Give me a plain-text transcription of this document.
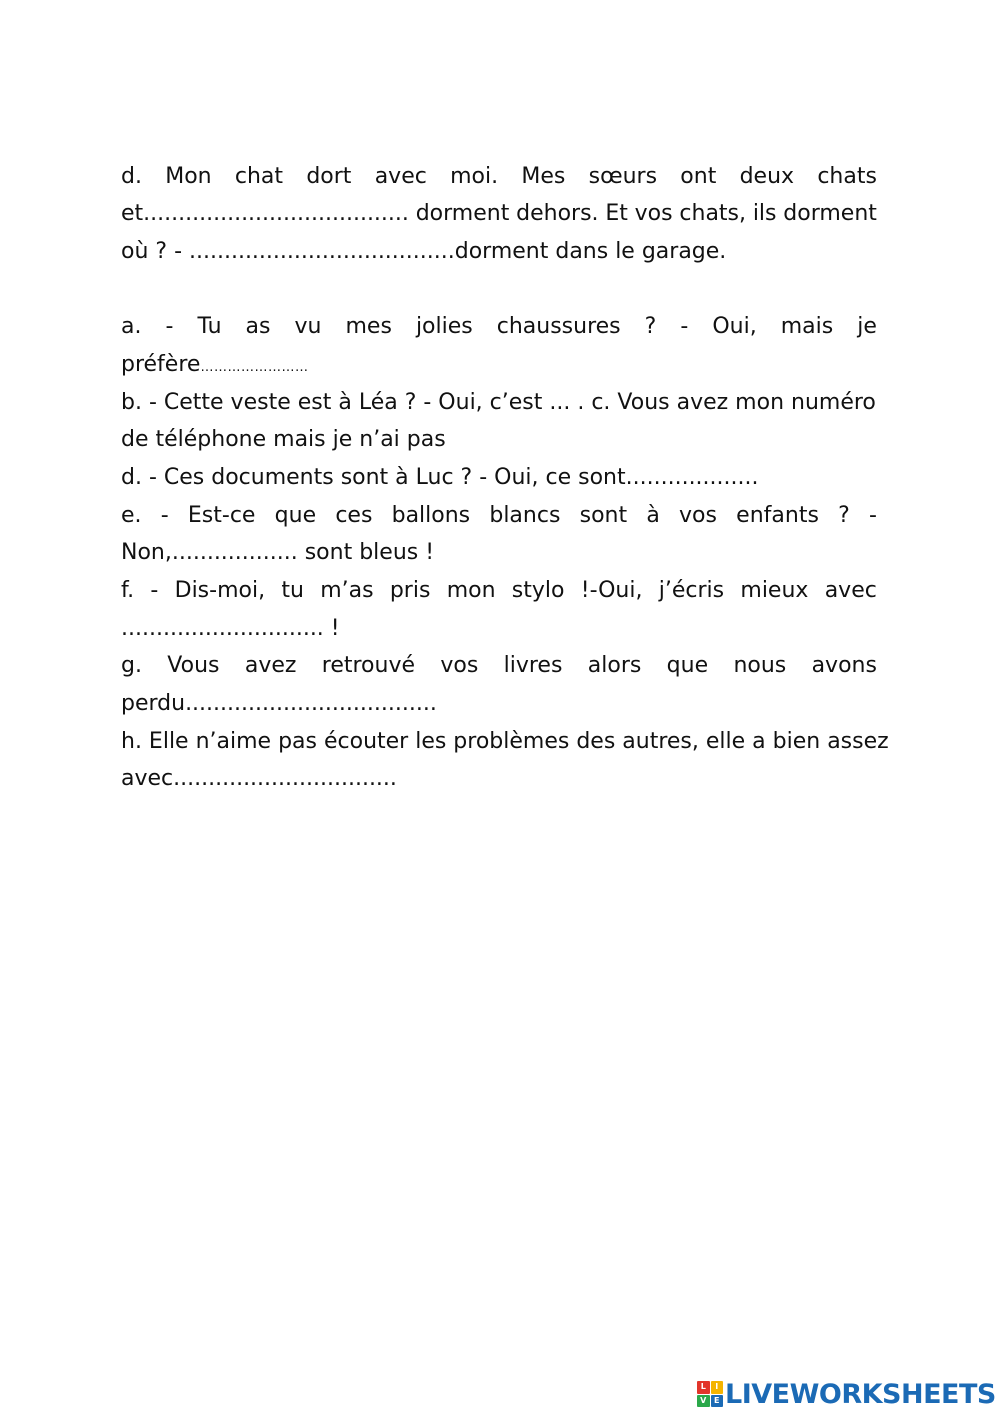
d. Mon chat dort avec moi. Mes sœurs ont deux chats
et...................................... dorment dehors. Et vos chats, ils dorment
où ? - ......................................dorment dans le garage.
a. - Tu as vu mes jolies chaussures ? - Oui, mais je
préfère……………………
b. - Cette veste est à Léa ? - Oui, c’est ... . c. Vous avez mon numéro
de téléphone mais je n’ai pas
d. - Ces documents sont à Luc ? - Oui, ce sont...................
e. - Est-ce que ces ballons blancs sont à vos enfants ? -
Non,.................. sont bleus !
f. - Dis-moi, tu m’as pris mon stylo !-Oui, j’écris mieux avec
............................. !
g. Vous avez retrouvé vos livres alors que nous avons
perdu....................................
h. Elle n’aime pas écouter les problèmes des autres, elle a bien assez
avec................................
L	I
V E LIVEWORKSHEETS
